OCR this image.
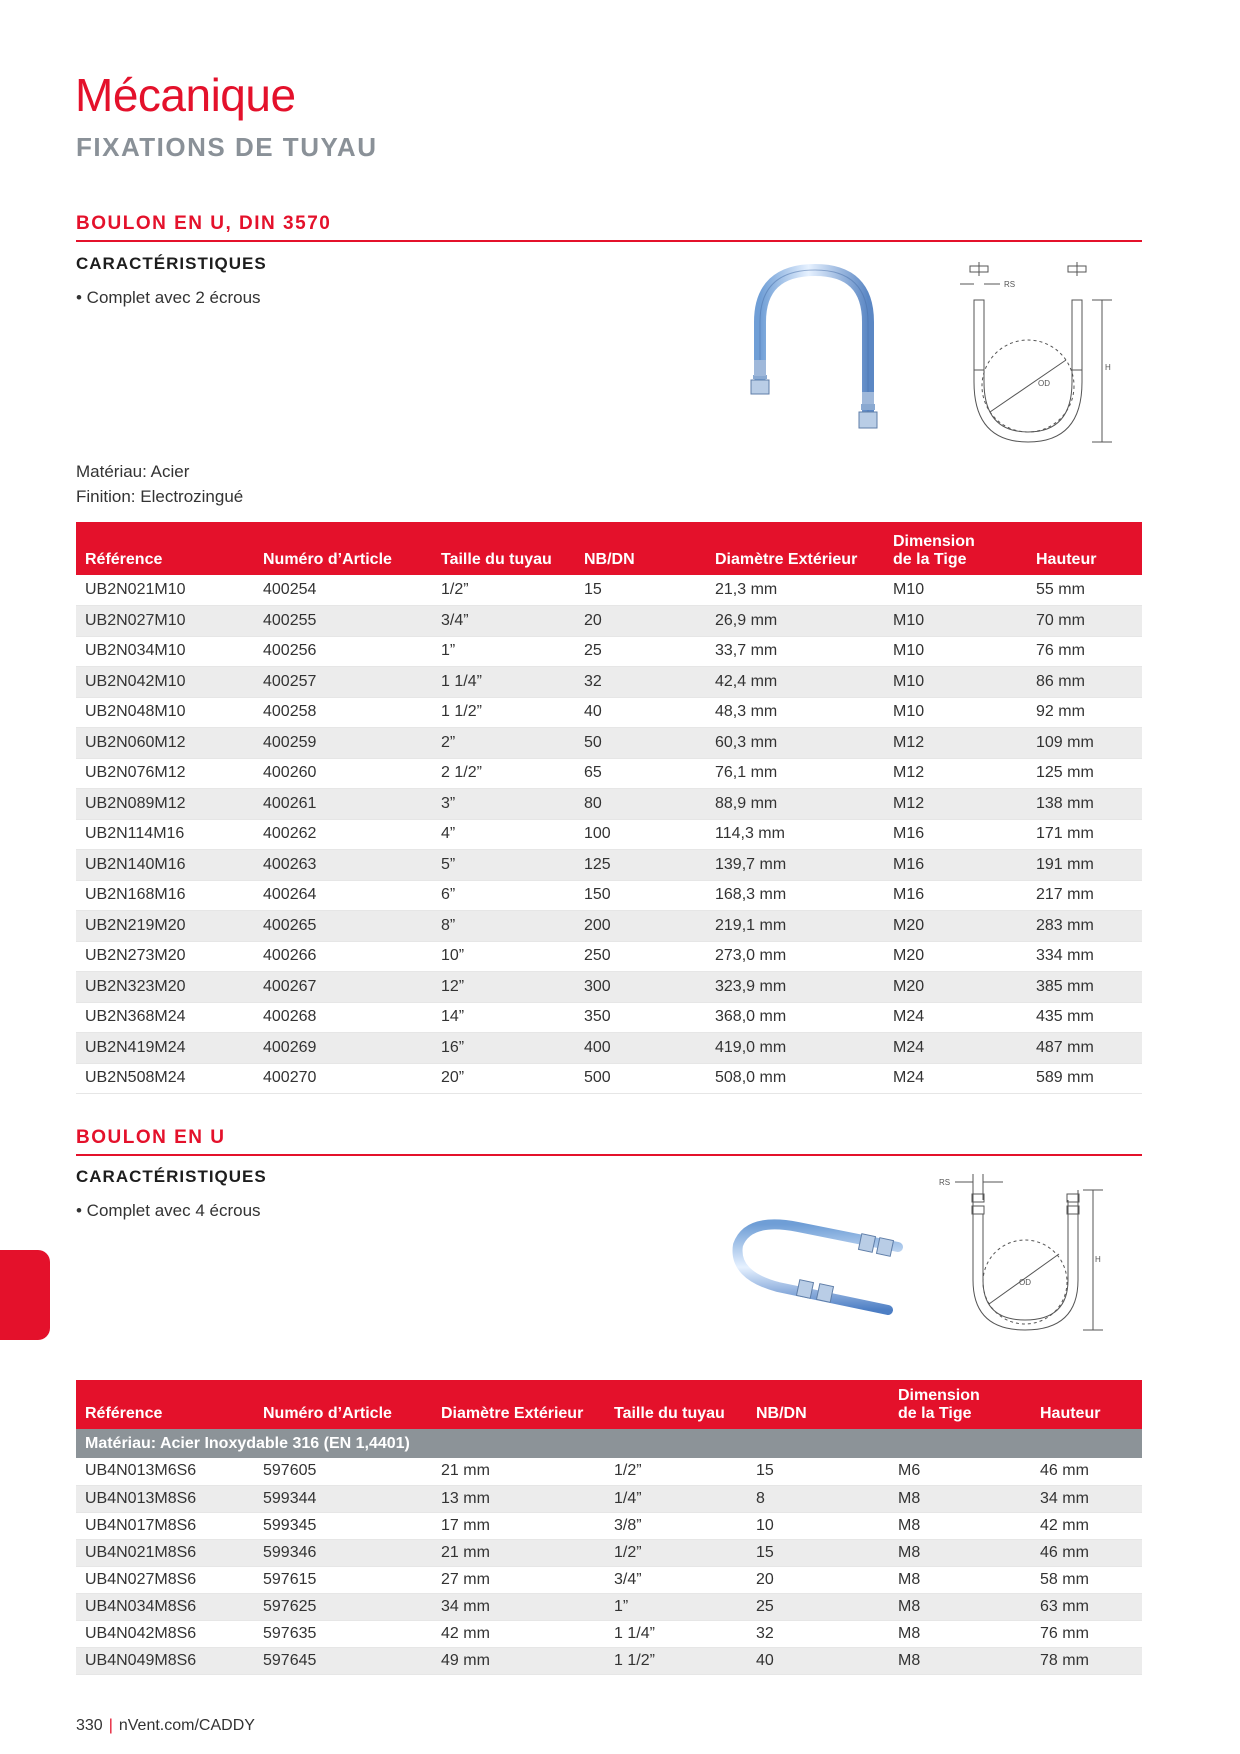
Mécanique
FIXATIONS DE TUYAU
BOULON EN U, DIN 3570
CARACTÉRISTIQUES
• Complet avec 2 écrous
RS
OD
H
Matériau: Acier
Finition: Electrozingué
Référence	Numéro d’Article	Taille du tuyau	NB/DN	Diamètre Extérieur	Dimension
de la Tige	Hauteur
UB2N021M10	400254	1/2”	15	21,3 mm	M10	55 mm
UB2N027M10	400255	3/4”	20	26,9 mm	M10	70 mm
UB2N034M10	400256	1”	25	33,7 mm	M10	76 mm
UB2N042M10	400257	1 1/4”	32	42,4 mm	M10	86 mm
UB2N048M10	400258	1 1/2”	40	48,3 mm	M10	92 mm
UB2N060M12	400259	2”	50	60,3 mm	M12	109 mm
UB2N076M12	400260	2 1/2”	65	76,1 mm	M12	125 mm
UB2N089M12	400261	3”	80	88,9 mm	M12	138 mm
UB2N114M16	400262	4”	100	114,3 mm	M16	171 mm
UB2N140M16	400263	5”	125	139,7 mm	M16	191 mm
UB2N168M16	400264	6”	150	168,3 mm	M16	217 mm
UB2N219M20	400265	8”	200	219,1 mm	M20	283 mm
UB2N273M20	400266	10”	250	273,0 mm	M20	334 mm
UB2N323M20	400267	12”	300	323,9 mm	M20	385 mm
UB2N368M24	400268	14”	350	368,0 mm	M24	435 mm
UB2N419M24	400269	16”	400	419,0 mm	M24	487 mm
UB2N508M24	400270	20”	500	508,0 mm	M24	589 mm
BOULON EN U
CARACTÉRISTIQUES
• Complet avec 4 écrous
RS
OD
H
Référence	Numéro d’Article	Diamètre Extérieur	Taille du tuyau	NB/DN	Dimension
de la Tige	Hauteur
Matériau: Acier Inoxydable 316 (EN 1,4401)						
UB4N013M6S6	597605	21 mm	1/2”	15	M6	46 mm
UB4N013M8S6	599344	13 mm	1/4”	8	M8	34 mm
UB4N017M8S6	599345	17 mm	3/8”	10	M8	42 mm
UB4N021M8S6	599346	21 mm	1/2”	15	M8	46 mm
UB4N027M8S6	597615	27 mm	3/4”	20	M8	58 mm
UB4N034M8S6	597625	34 mm	1”	25	M8	63 mm
UB4N042M8S6	597635	42 mm	1 1/4”	32	M8	76 mm
UB4N049M8S6	597645	49 mm	1 1/2”	40	M8	78 mm
330 | nVent.com/CADDY
